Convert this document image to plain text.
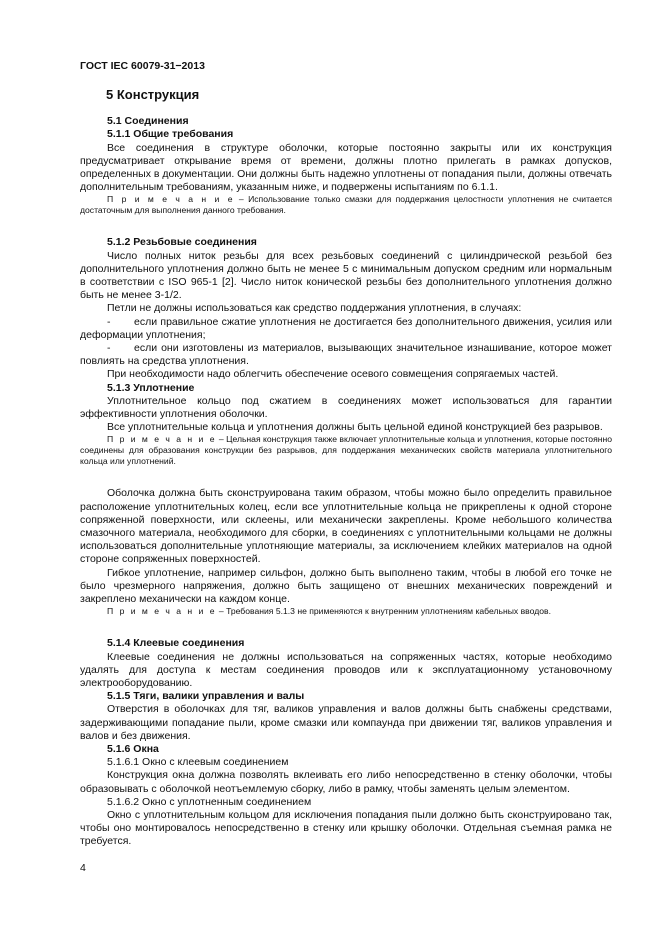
ГОСТ IEC 60079-31−2013
5 Конструкция
5.1 Соединения
5.1.1 Общие требования

Все соединения в структуре оболочки, которые постоянно закрыты или их конструкция предусматривает открывание время от времени, должны плотно прилегать в рамках допусков, определенных в документации. Они должны быть надежно уплотнены от попадания пыли, должны отвечать дополнительным требованиям, указанным ниже, и подвержены испытаниям по 6.1.1.

П р и м е ч а н и е – Использование только смазки для поддержания целостности уплотнения не считается достаточным для выполнения данного требования.

5.1.2 Резьбовые соединения

Число полных ниток резьбы для всех резьбовых соединений с цилиндрической резьбой без дополнительного уплотнения должно быть не менее 5 с минимальным допуском средним или нормальным в соответствии с ISO 965-1 [2]. Число ниток конической резьбы без дополнительного уплотнения должно быть не менее 3-1/2.

Петли не должны использоваться как средство поддержания уплотнения, в случаях:

- если правильное сжатие уплотнения не достигается без дополнительного движения, усилия или деформации уплотнения;

- если они изготовлены из материалов, вызывающих значительное изнашивание, которое может повлиять на средства уплотнения.

При необходимости надо облегчить обеспечение осевого совмещения сопрягаемых частей.

5.1.3 Уплотнение

Уплотнительное кольцо под сжатием в соединениях может использоваться для гарантии эффективности уплотнения оболочки.

Все уплотнительные кольца и уплотнения должны быть цельной единой конструкцией без разрывов.

П р и м е ч а н и е – Цельная конструкция также включает уплотнительные кольца и уплотнения, которые постоянно соединены для образования конструкции без разрывов, для поддержания механических свойств материала уплотнительного кольца или уплотнений.

Оболочка должна быть сконструирована таким образом, чтобы можно было определить правильное расположение уплотнительных колец, если все уплотнительные кольца не прикреплены к одной стороне сопряженной поверхности, или склеены, или механически закреплены. Кроме небольшого количества смазочного материала, необходимого для сборки, в соединениях с уплотнительными кольцами не должны использоваться дополнительные уплотняющие материалы, за исключением клейких материалов на одной стороне сопряженных поверхностей.

Гибкое уплотнение, например сильфон, должно быть выполнено таким, чтобы в любой его точке не было чрезмерного напряжения, должно быть защищено от внешних механических повреждений и закреплено механически на каждом конце.

П р и м е ч а н и е – Требования 5.1.3 не применяются к внутренним уплотнениям кабельных вводов.

5.1.4 Клеевые соединения

Клеевые соединения не должны использоваться на сопряженных частях, которые необходимо удалять для доступа к местам соединения проводов или к эксплуатационному установочному электрооборудованию.

5.1.5 Тяги, валики управления и валы

Отверстия в оболочках для тяг, валиков управления и валов должны быть снабжены средствами, задерживающими попадание пыли, кроме смазки или компаунда при движении тяг, валиков управления и валов и без движения.

5.1.6 Окна
5.1.6.1 Окно с клеевым соединением

Конструкция окна должна позволять вклеивать его либо непосредственно в стенку оболочки, чтобы образовывать с оболочкой неотъемлемую сборку, либо в рамку, чтобы заменять целым элементом.

5.1.6.2 Окно с уплотненным соединением

Окно с уплотнительным кольцом для исключения попадания пыли должно быть сконструировано так, чтобы оно монтировалось непосредственно в стенку или крышку оболочки. Отдельная съемная рамка не требуется.

4
